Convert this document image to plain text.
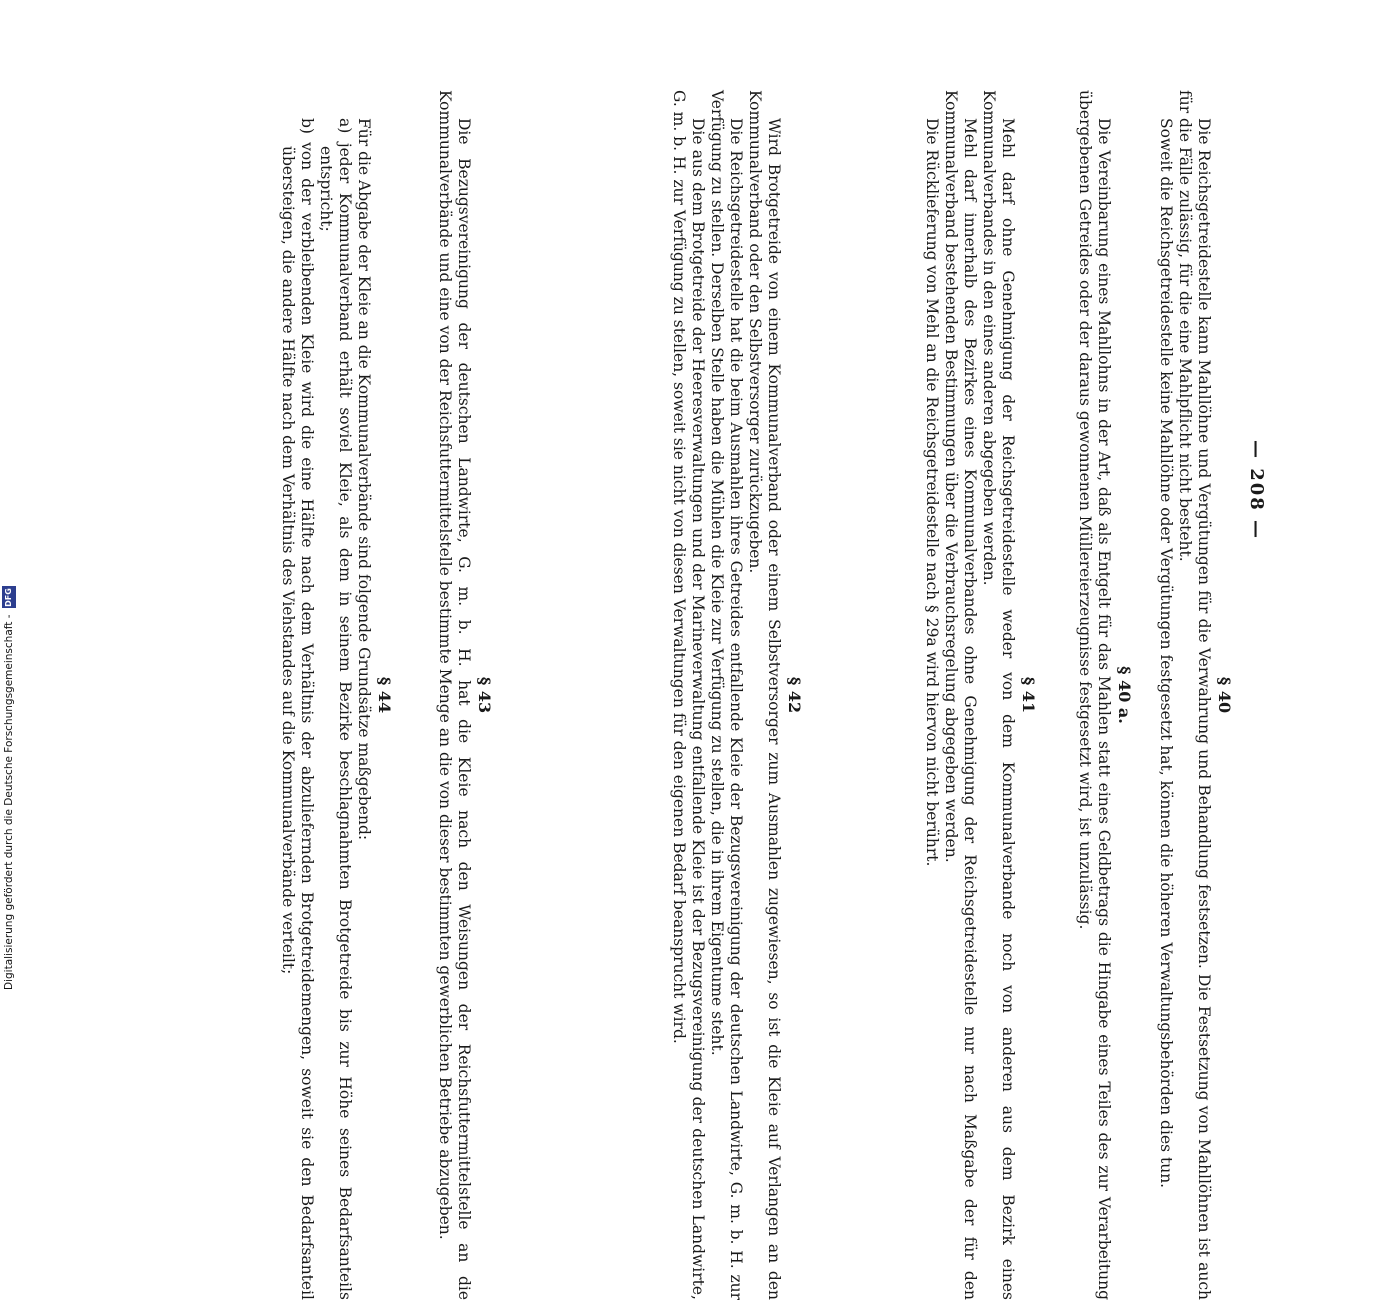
— 208 —
§ 40

Die Reichsgetreidestelle kann Mahllöhne und Vergütungen für die Verwahrung und Behandlung festsetzen. Die Festsetzung von Mahllöhnen ist auch für die Fälle zulässig, für die eine Mahlpflicht nicht besteht.

Soweit die Reichsgetreidestelle keine Mahllöhne oder Vergütungen festgesetzt hat, können die höheren Verwaltungsbehörden dies tun.

§ 40 a.

Die Vereinbarung eines Mahllohns in der Art, daß als Entgelt für das Mahlen statt eines Geldbetrags die Hingabe eines Teiles des zur Verarbeitung übergebenen Getreides oder der daraus gewonnenen Müllereierzeugnisse festgesetzt wird, ist unzulässig.

§ 41

Mehl darf ohne Genehmigung der Reichsgetreidestelle weder von dem Kommunalverbande noch von anderen aus dem Bezirk eines Kommunalverbandes in den eines anderen abgegeben werden.

Mehl darf innerhalb des Bezirkes eines Kommunalverbandes ohne Genehmigung der Reichsgetreidestelle nur nach Maßgabe der für den Kommunalverband bestehenden Bestimmungen über die Verbrauchsregelung abgegeben werden.

Die Rücklieferung von Mehl an die Reichsgetreidestelle nach § 29a wird hiervon nicht berührt.

§ 42

Wird Brotgetreide von einem Kommunalverband oder einem Selbstversorger zum Ausmahlen zugewiesen, so ist die Kleie auf Verlangen an den Kommunalverband oder den Selbstversorger zurückzugeben.

Die Reichsgetreidestelle hat die beim Ausmahlen ihres Getreides entfallende Kleie der Bezugsvereinigung der deutschen Landwirte, G. m. b. H. zur Verfügung zu stellen. Derselben Stelle haben die Mühlen die Kleie zur Verfügung zu stellen, die in ihrem Eigentume steht.

Die aus dem Brotgetreide der Heeresverwaltungen und der Marineverwaltung entfallende Kleie ist der Bezugsvereinigung der deutschen Landwirte, G. m. b. H. zur Verfügung zu stellen, soweit sie nicht von diesen Verwaltungen für den eigenen Bedarf beansprucht wird.

§ 43

Die Bezugsvereinigung der deutschen Landwirte, G. m. b. H. hat die Kleie nach den Weisungen der Reichsfuttermittelstelle an die Kommunalverbände und eine von der Reichsfuttermittelstelle bestimmte Menge an die von dieser bestimmten gewerblichen Betriebe abzugeben.

§ 44

Für die Abgabe der Kleie an die Kommunalverbände sind folgende Grundsätze maßgebend:

a) jeder Kommunalverband erhält soviel Kleie, als dem in seinem Bezirke beschlagnahmten Brotgetreide bis zur Höhe seines Bedarfsanteils entspricht;

b) von der verbleibenden Kleie wird die eine Hälfte nach dem Verhältnis der abzuliefernden Brotgetreidemengen, soweit sie den Bedarfsanteil übersteigen, die andere Hälfte nach dem Verhältnis des Viehstandes auf die Kommunalverbände verteilt;

Digitalisierung gefördert durch die Deutsche Forschungsgemeinschaft -
DFG
